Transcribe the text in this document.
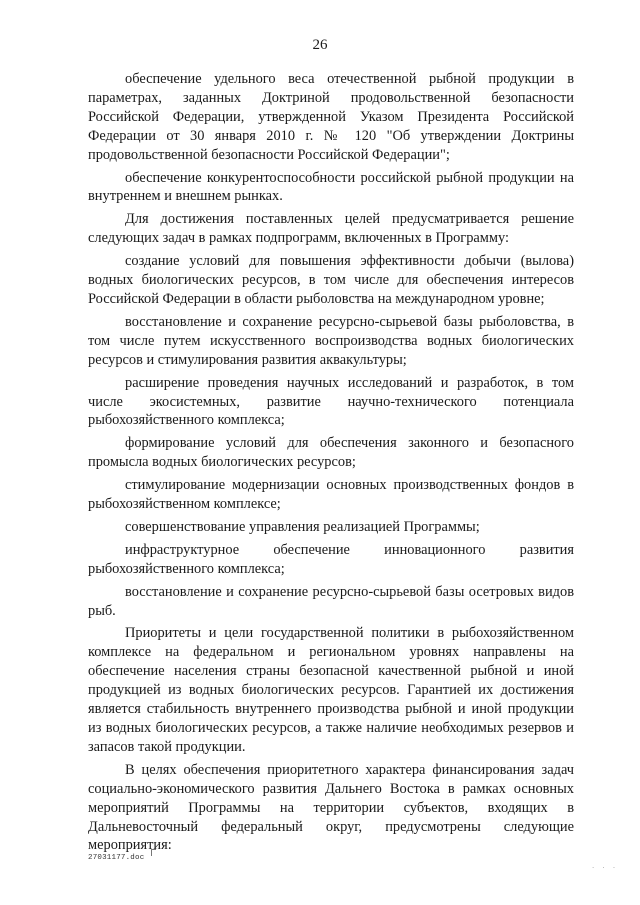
26

обеспечение удельного веса отечественной рыбной продукции в параметрах, заданных Доктриной продовольственной безопасности Российской Федерации, утвержденной Указом Президента Российской Федерации от 30 января 2010 г. № 120 "Об утверждении Доктрины продовольственной безопасности Российской Федерации";

обеспечение конкурентоспособности российской рыбной продукции на внутреннем и внешнем рынках.

Для достижения поставленных целей предусматривается решение следующих задач в рамках подпрограмм, включенных в Программу:

создание условий для повышения эффективности добычи (вылова) водных биологических ресурсов, в том числе для обеспечения интересов Российской Федерации в области рыболовства на международном уровне;

восстановление и сохранение ресурсно-сырьевой базы рыболовства, в том числе путем искусственного воспроизводства водных биологических ресурсов и стимулирования развития аквакультуры;

расширение проведения научных исследований и разработок, в том числе экосистемных, развитие научно-технического потенциала рыбохозяйственного комплекса;

формирование условий для обеспечения законного и безопасного промысла водных биологических ресурсов;

стимулирование модернизации основных производственных фондов в рыбохозяйственном комплексе;

совершенствование управления реализацией Программы;

инфраструктурное обеспечение инновационного развития рыбохозяйственного комплекса;

восстановление и сохранение ресурсно-сырьевой базы осетровых видов рыб.

Приоритеты и цели государственной политики в рыбохозяйственном комплексе на федеральном и региональном уровнях направлены на обеспечение населения страны безопасной качественной рыбной и иной продукцией из водных биологических ресурсов. Гарантией их достижения является стабильность внутреннего производства рыбной и иной продукции из водных биологических ресурсов, а также наличие необходимых резервов и запасов такой продукции.

В целях обеспечения приоритетного характера финансирования задач социально-экономического развития Дальнего Востока в рамках основных мероприятий Программы на территории субъектов, входящих в Дальневосточный федеральный округ, предусмотрены следующие мероприятия:

27031177.doc
· · ·
